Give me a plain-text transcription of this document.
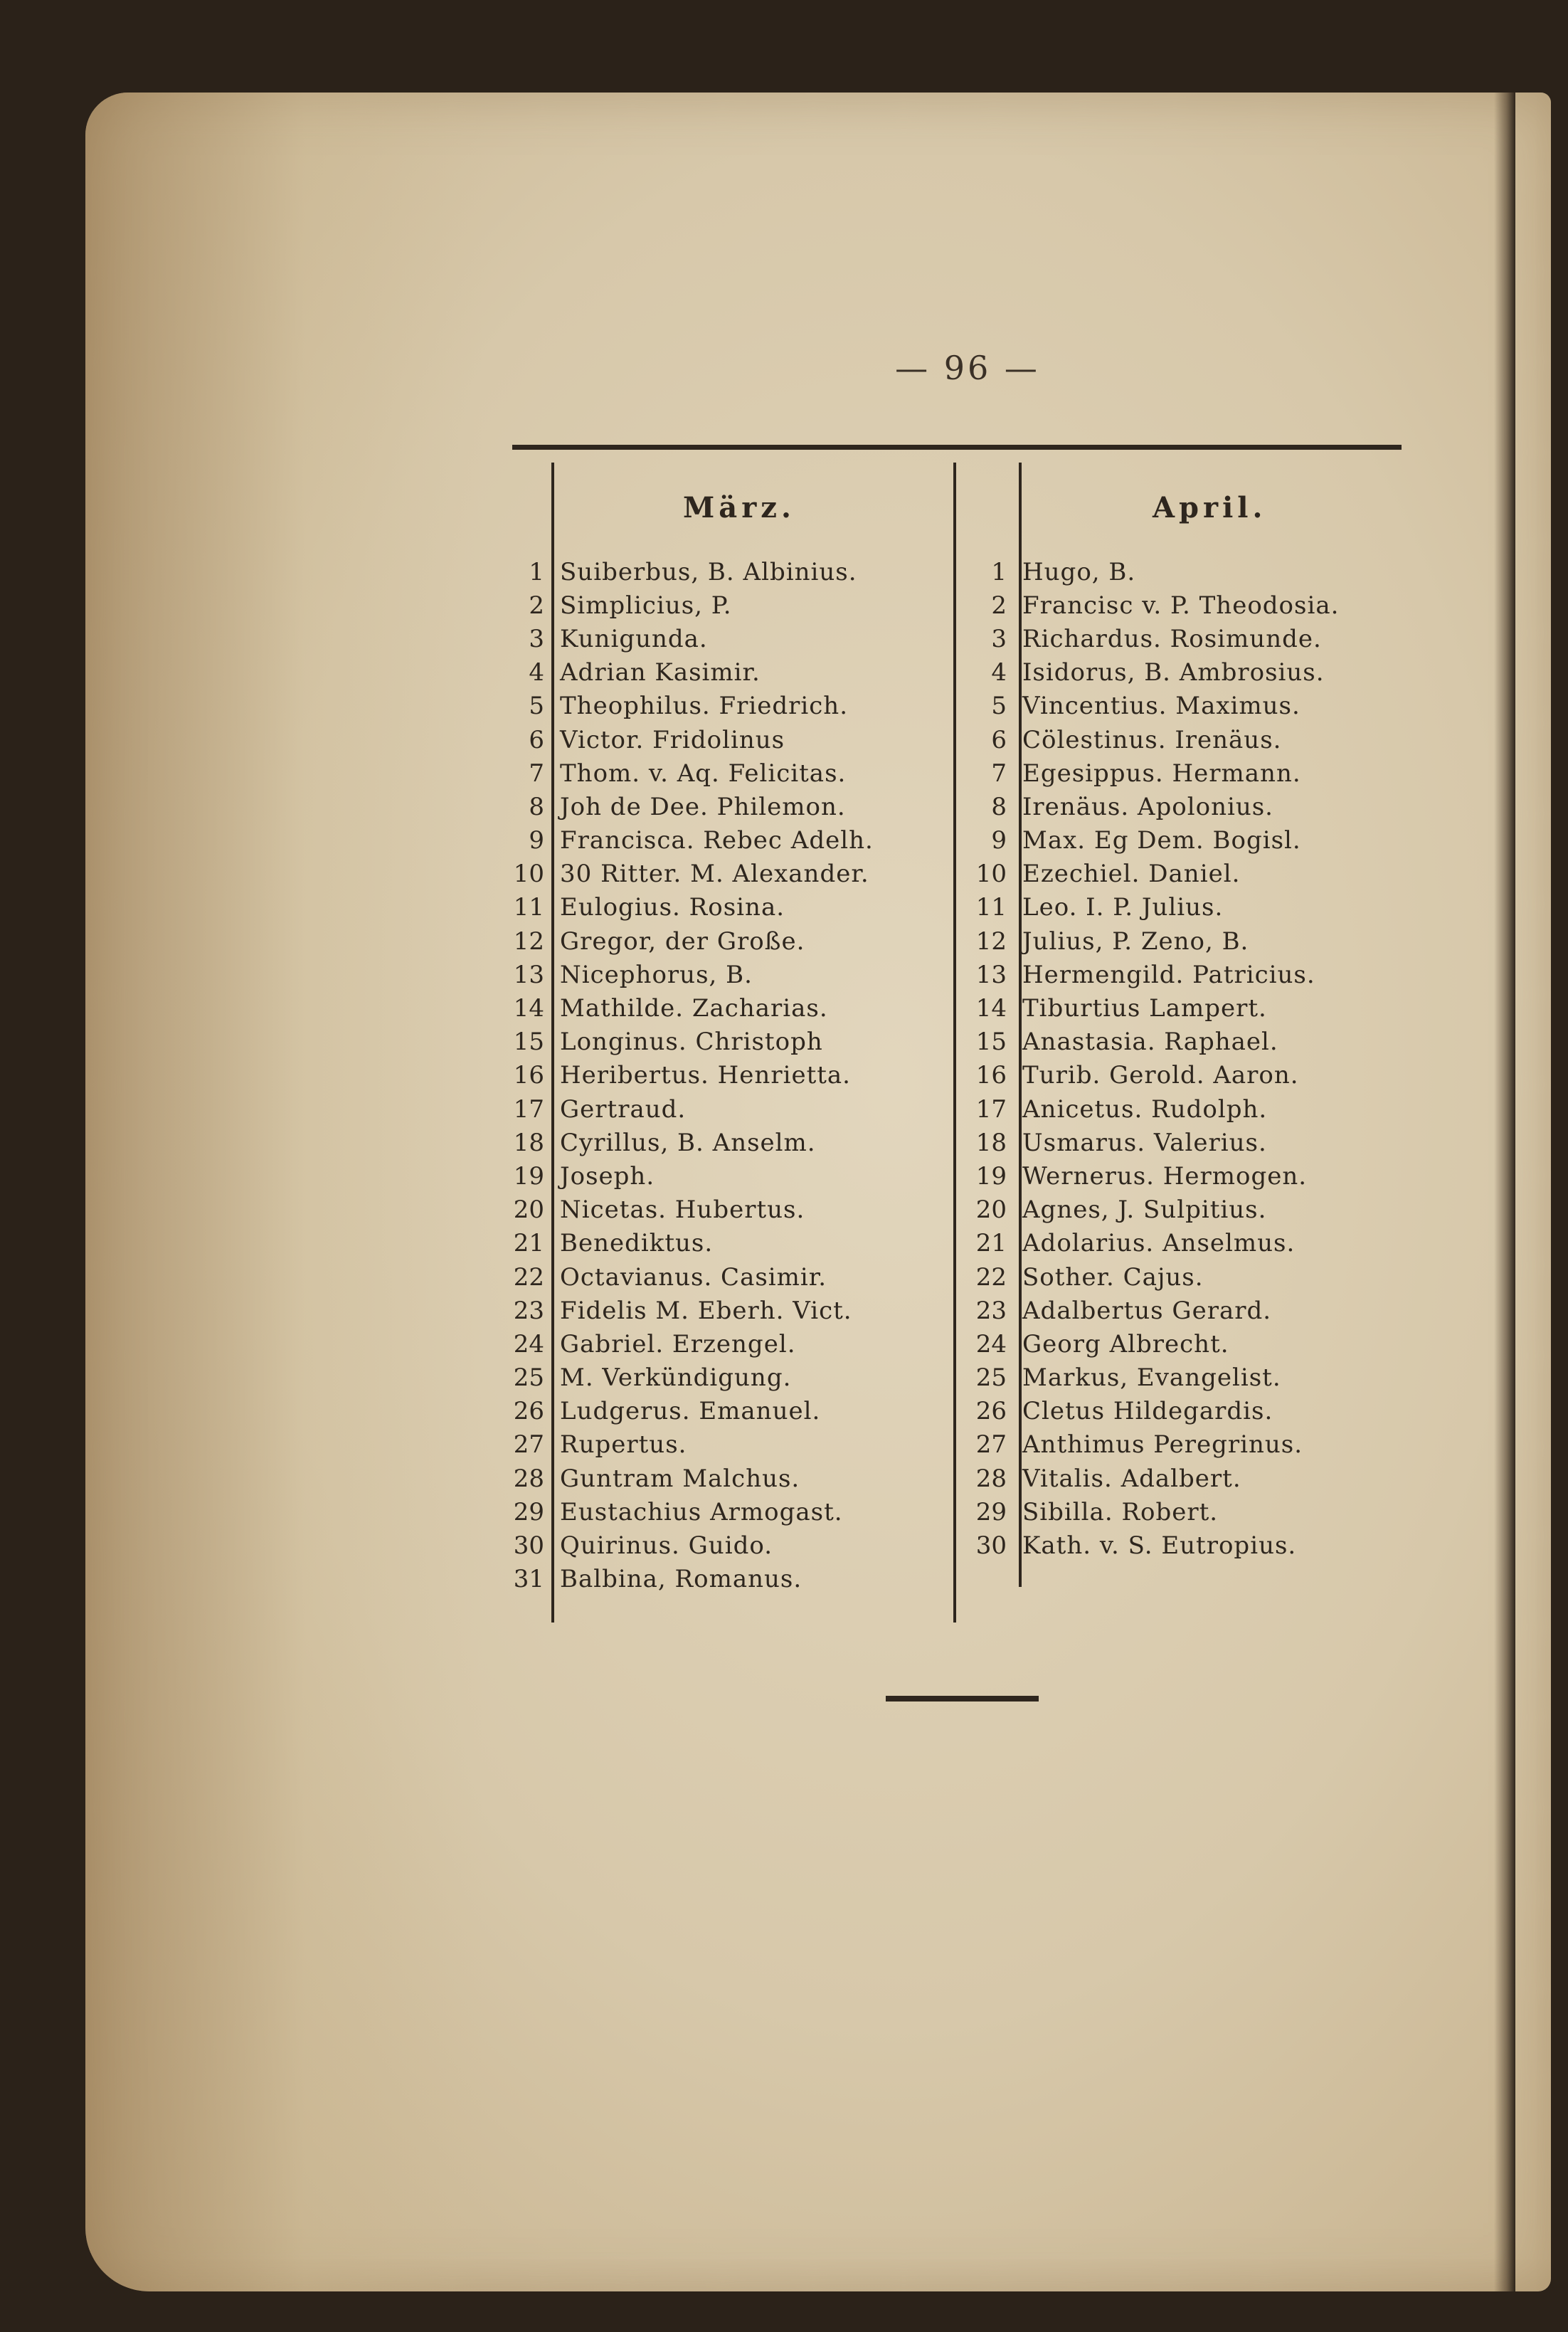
— 96 —
März.	April.
1 Suiberbus, B. Albinius.
2 Simplicius, P.
3 Kunigunda.
4 Adrian Kasimir.
5 Theophilus. Friedrich.
6 Victor. Fridolinus
7 Thom. v. Aq. Felicitas.
8 Joh de Dee. Philemon.
9 Francisca. Rebec Adelh.
10 30 Ritter. M. Alexander.
11 Eulogius. Rosina.
12 Gregor, der Große.
13 Nicephorus, B.
14 Mathilde. Zacharias.
15 Longinus. Christoph
16 Heribertus. Henrietta.
17 Gertraud.
18 Cyrillus, B. Anselm.
19 Joseph.
20 Nicetas. Hubertus.
21 Benediktus.
22 Octavianus. Casimir.
23 Fidelis M. Eberh. Vict.
24 Gabriel. Erzengel.
25 M. Verkündigung.
26 Ludgerus. Emanuel.
27 Rupertus.
28 Guntram Malchus.
29 Eustachius Armogast.
30 Quirinus. Guido.
31 Balbina, Romanus.
1 Hugo, B.
2 Francisc v. P. Theodosia.
3 Richardus. Rosimunde.
4 Isidorus, B. Ambrosius.
5 Vincentius. Maximus.
6 Cölestinus. Irenäus.
7 Egesippus. Hermann.
8 Irenäus. Apolonius.
9 Max. Eg Dem. Bogisl.
10 Ezechiel. Daniel.
11 Leo. I. P. Julius.
12 Julius, P. Zeno, B.
13 Hermengild. Patricius.
14 Tiburtius Lampert.
15 Anastasia. Raphael.
16 Turib. Gerold. Aaron.
17 Anicetus. Rudolph.
18 Usmarus. Valerius.
19 Wernerus. Hermogen.
20 Agnes, J. Sulpitius.
21 Adolarius. Anselmus.
22 Sother. Cajus.
23 Adalbertus Gerard.
24 Georg Albrecht.
25 Markus, Evangelist.
26 Cletus Hildegardis.
27 Anthimus Peregrinus.
28 Vitalis. Adalbert.
29 Sibilla. Robert.
30 Kath. v. S. Eutropius.
